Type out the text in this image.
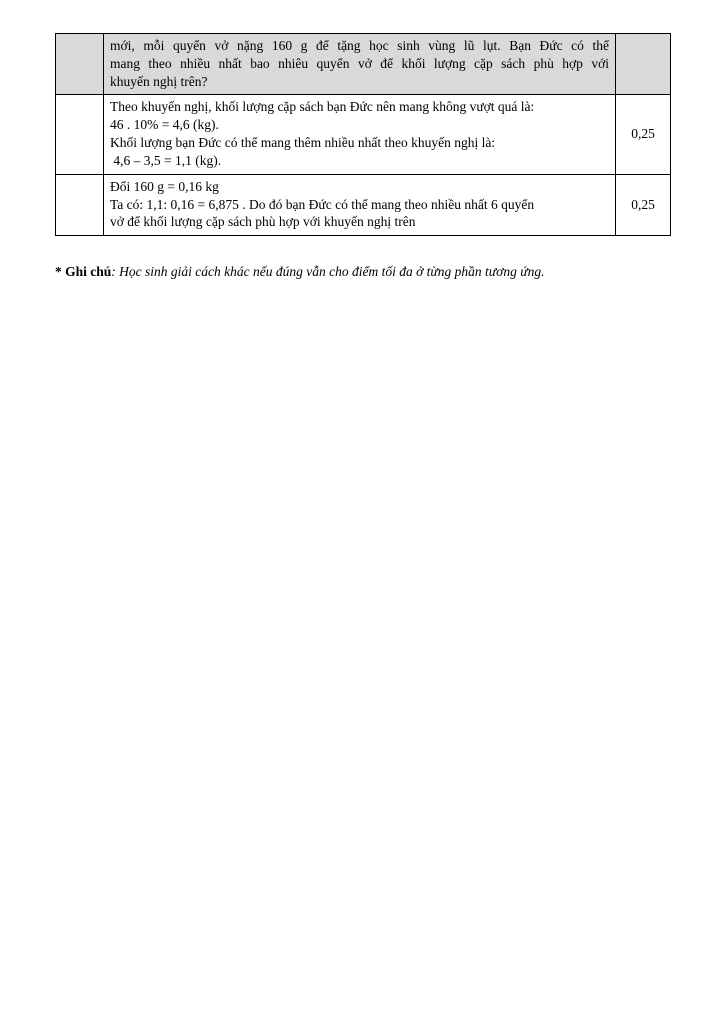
	mới, mỗi quyển vở nặng 160 g để tặng học sinh vùng lũ lụt. Bạn Đức có thể
mang theo nhiều nhất bao nhiêu quyển vở để khối lượng cặp sách phù hợp với
khuyến nghị trên?	

	Theo khuyến nghị, khối lượng cặp sách bạn Đức nên mang không vượt quá là:
46 . 10% = 4,6 (kg).
Khối lượng bạn Đức có thể mang thêm nhiều nhất theo khuyến nghị là:
4,6 – 3,5 = 1,1 (kg).	0,25

	Đổi 160 g = 0,16 kg
Ta có: 1,1: 0,16 = 6,875 . Do đó bạn Đức có thể mang theo nhiều nhất 6 quyển
vở để khối lượng cặp sách phù hợp với khuyến nghị trên	0,25
* Ghi chú: Học sinh giải cách khác nếu đúng vẫn cho điểm tối đa ở từng phần tương ứng.
